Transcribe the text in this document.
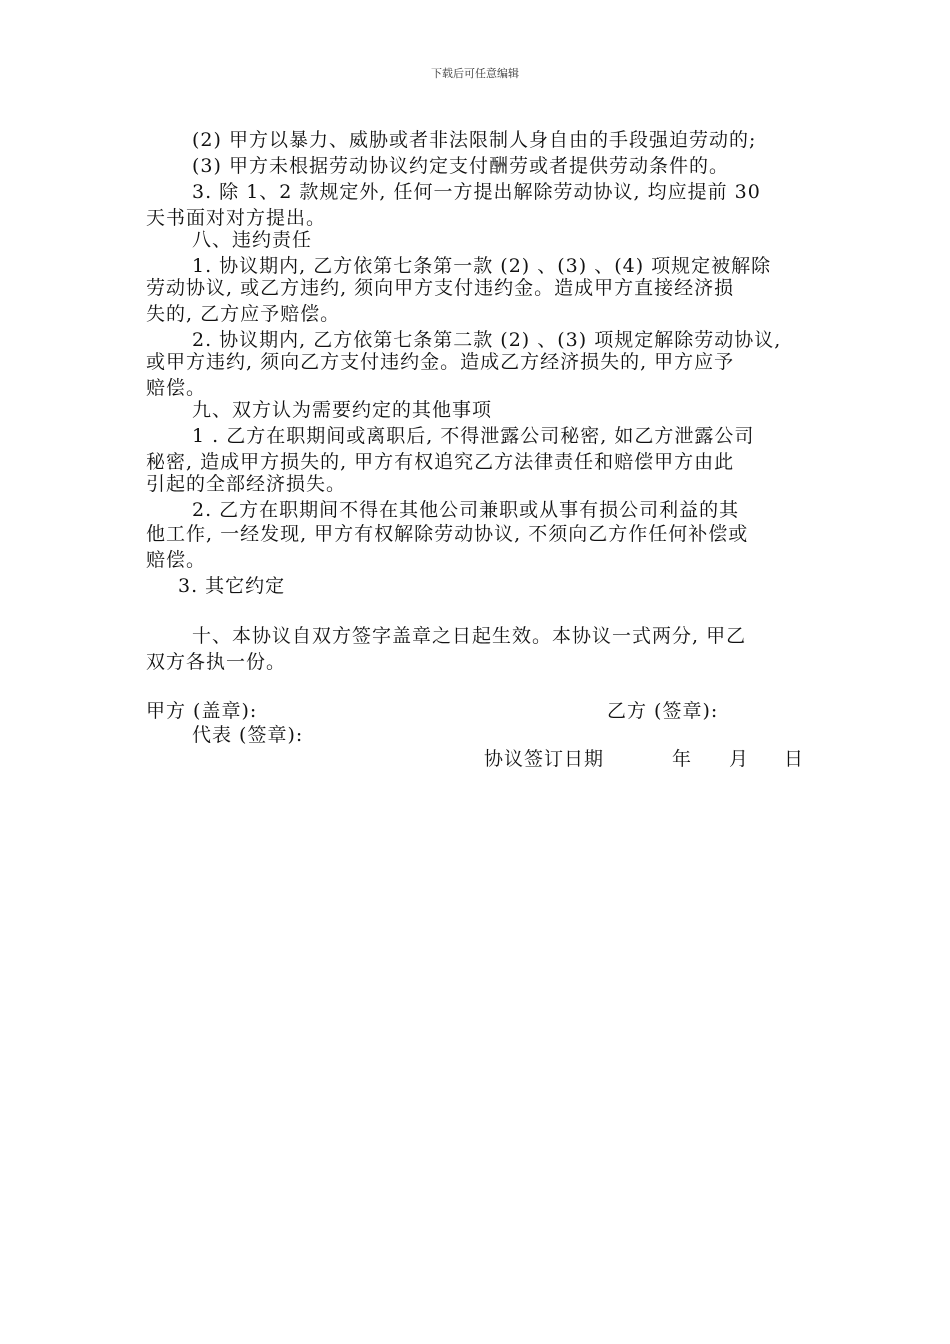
下载后可任意编辑
(2) 甲方以暴力、威胁或者非法限制人身自由的手段强迫劳动的;
(3) 甲方未根据劳动协议约定支付酬劳或者提供劳动条件的。
3. 除 1、2 款规定外, 任何一方提出解除劳动协议, 均应提前 30
天书面对对方提出。
八、违约责任
1. 协议期内, 乙方依第七条第一款 (2) 、(3) 、(4) 项规定被解除
劳动协议, 或乙方违约, 须向甲方支付违约金。造成甲方直接经济损
失的, 乙方应予赔偿。
2. 协议期内, 乙方依第七条第二款 (2) 、(3) 项规定解除劳动协议,
或甲方违约, 须向乙方支付违约金。造成乙方经济损失的, 甲方应予
赔偿。
九、双方认为需要约定的其他事项
1 . 乙方在职期间或离职后, 不得泄露公司秘密, 如乙方泄露公司
秘密, 造成甲方损失的, 甲方有权追究乙方法律责任和赔偿甲方由此
引起的全部经济损失。
2. 乙方在职期间不得在其他公司兼职或从事有损公司利益的其
他工作, 一经发现, 甲方有权解除劳动协议, 不须向乙方作任何补偿或
赔偿。
3. 其它约定
十、本协议自双方签字盖章之日起生效。本协议一式两分, 甲乙
双方各执一份。
甲方 (盖章):	乙方 (签章):
代表 (签章):
协议签订日期	年 月 日
